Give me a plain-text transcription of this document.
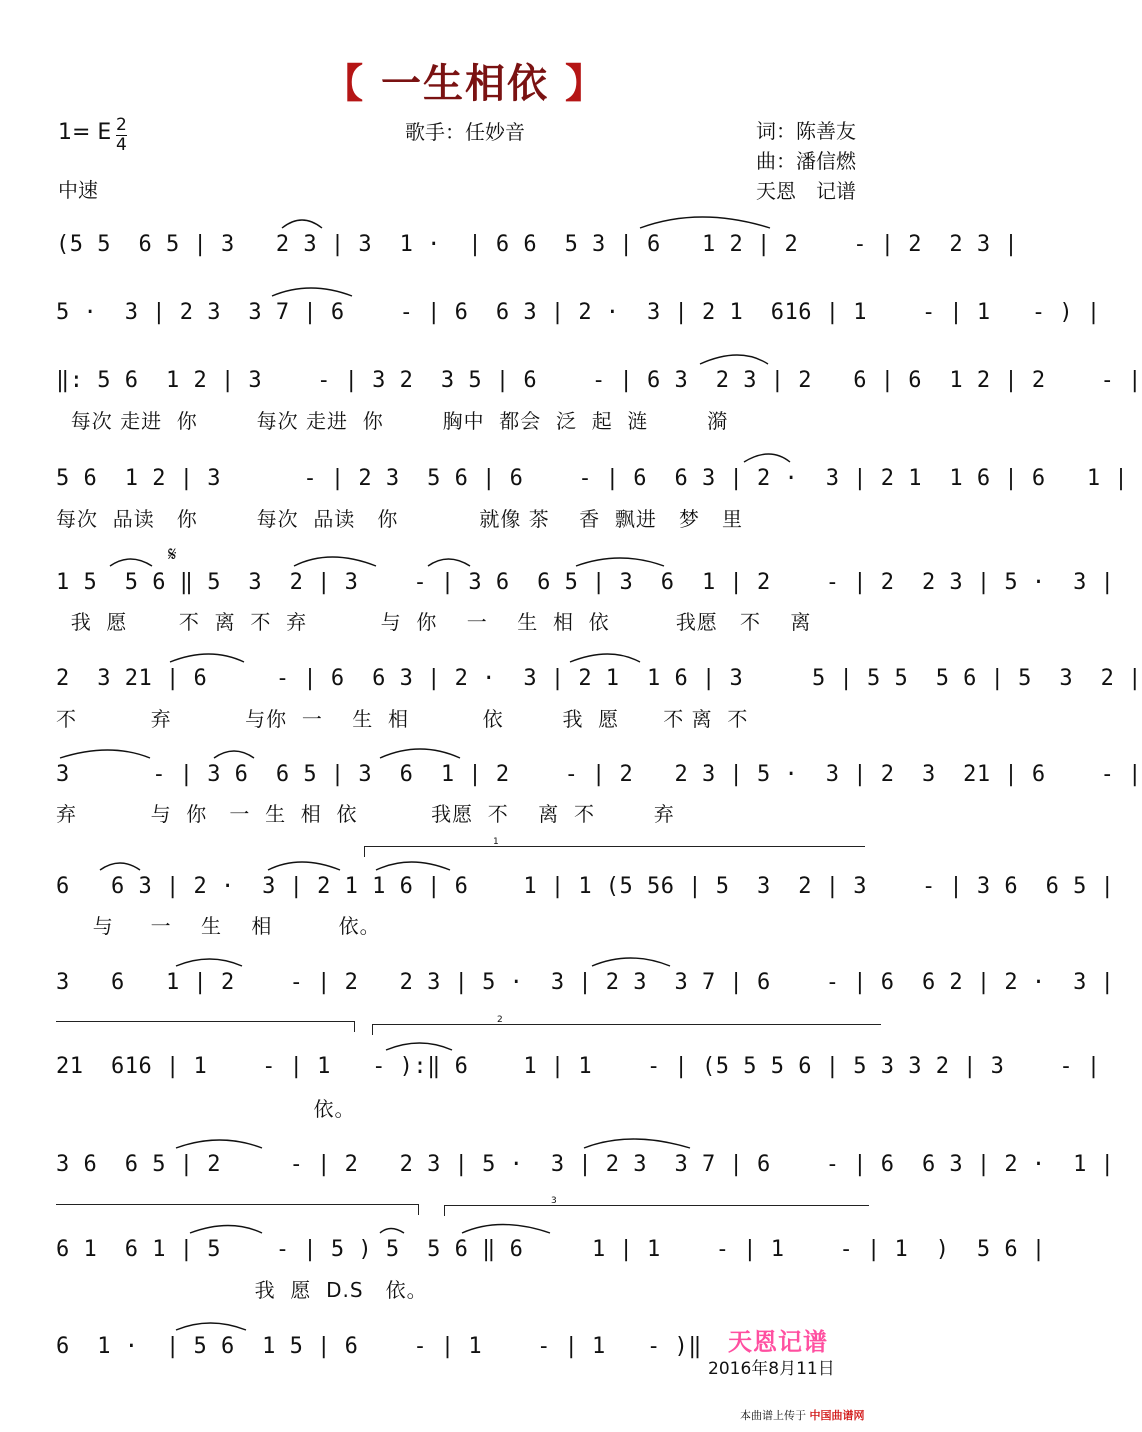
【 一生相依 】
1= E 2
4
中速
歌手：任妙音	词：陈善友
曲：潘信燃
天恩　记谱
(5 5  6 5 | 3   2 3 | 3  1 ·  | 6 6  5 3 | 6   1 2 | 2    - | 2  2 3 |
5 ·  3 | 2 3  3 7 | 6    - | 6  6 3 | 2 ·  3 | 2 1  616 | 1    - | 1   - ) |
‖: 5 6  1 2 | 3    - | 3 2  3 5 | 6    - | 6 3  2 3 | 2   6 | 6  1 2 | 2    - |
每次 走进  你        每次 走进  你        胸中  都会  泛  起  涟        漪
5 6  1 2 | 3      - | 2 3  5 6 | 6    - | 6  6 3 | 2 ·  3 | 2 1  1 6 | 6   1 |
每次  品读   你        每次  品读   你           就像 茶    香  飘进   梦   里
𝄋
1 5  5 6 ‖ 5  3  2 | 3    - | 3 6  6 5 | 3  6  1 | 2    - | 2  2 3 | 5 ·  3 |
我  愿       不  离  不  弃          与  你    一    生  相  依         我愿   不    离
2  3 21 | 6     - | 6  6 3 | 2 ·  3 | 2 1  1 6 | 3     5 | 5 5  5 6 | 5  3  2 |
不          弃          与你  一    生  相          依        我  愿      不 离  不
3      - | 3 6  6 5 | 3  6  1 | 2    - | 2   2 3 | 5 ·  3 | 2  3  21 | 6    - |
弃          与  你   一  生  相  依          我愿  不    离  不        弃
1
6   6 3 | 2 ·  3 | 2 1 1 6 | 6    1 | 1 (5 56 | 5  3  2 | 3    - | 3 6  6 5 |
与     一    生    相         依。
3   6   1 | 2    - | 2   2 3 | 5 ·  3 | 2 3  3 7 | 6    - | 6  6 2 | 2 ·  3 |
2
21  616 | 1    - | 1   - ):‖ 6    1 | 1    - | (5 5 5 6 | 5 3 3 2 | 3    - |
依。
3 6  6 5 | 2     - | 2   2 3 | 5 ·  3 | 2 3  3 7 | 6    - | 6  6 3 | 2 ·  1 |
3
6 1  6 1 | 5    - | 5 ) 5  5 6 ‖ 6     1 | 1    - | 1    - | 1  )  5 6 |
我  愿  D.S   依。
6  1 ·  | 5 6  1 5 | 6    - | 1    - | 1   - )‖	天恩记谱
2016年8月11日
本曲谱上传于 中国曲谱网
